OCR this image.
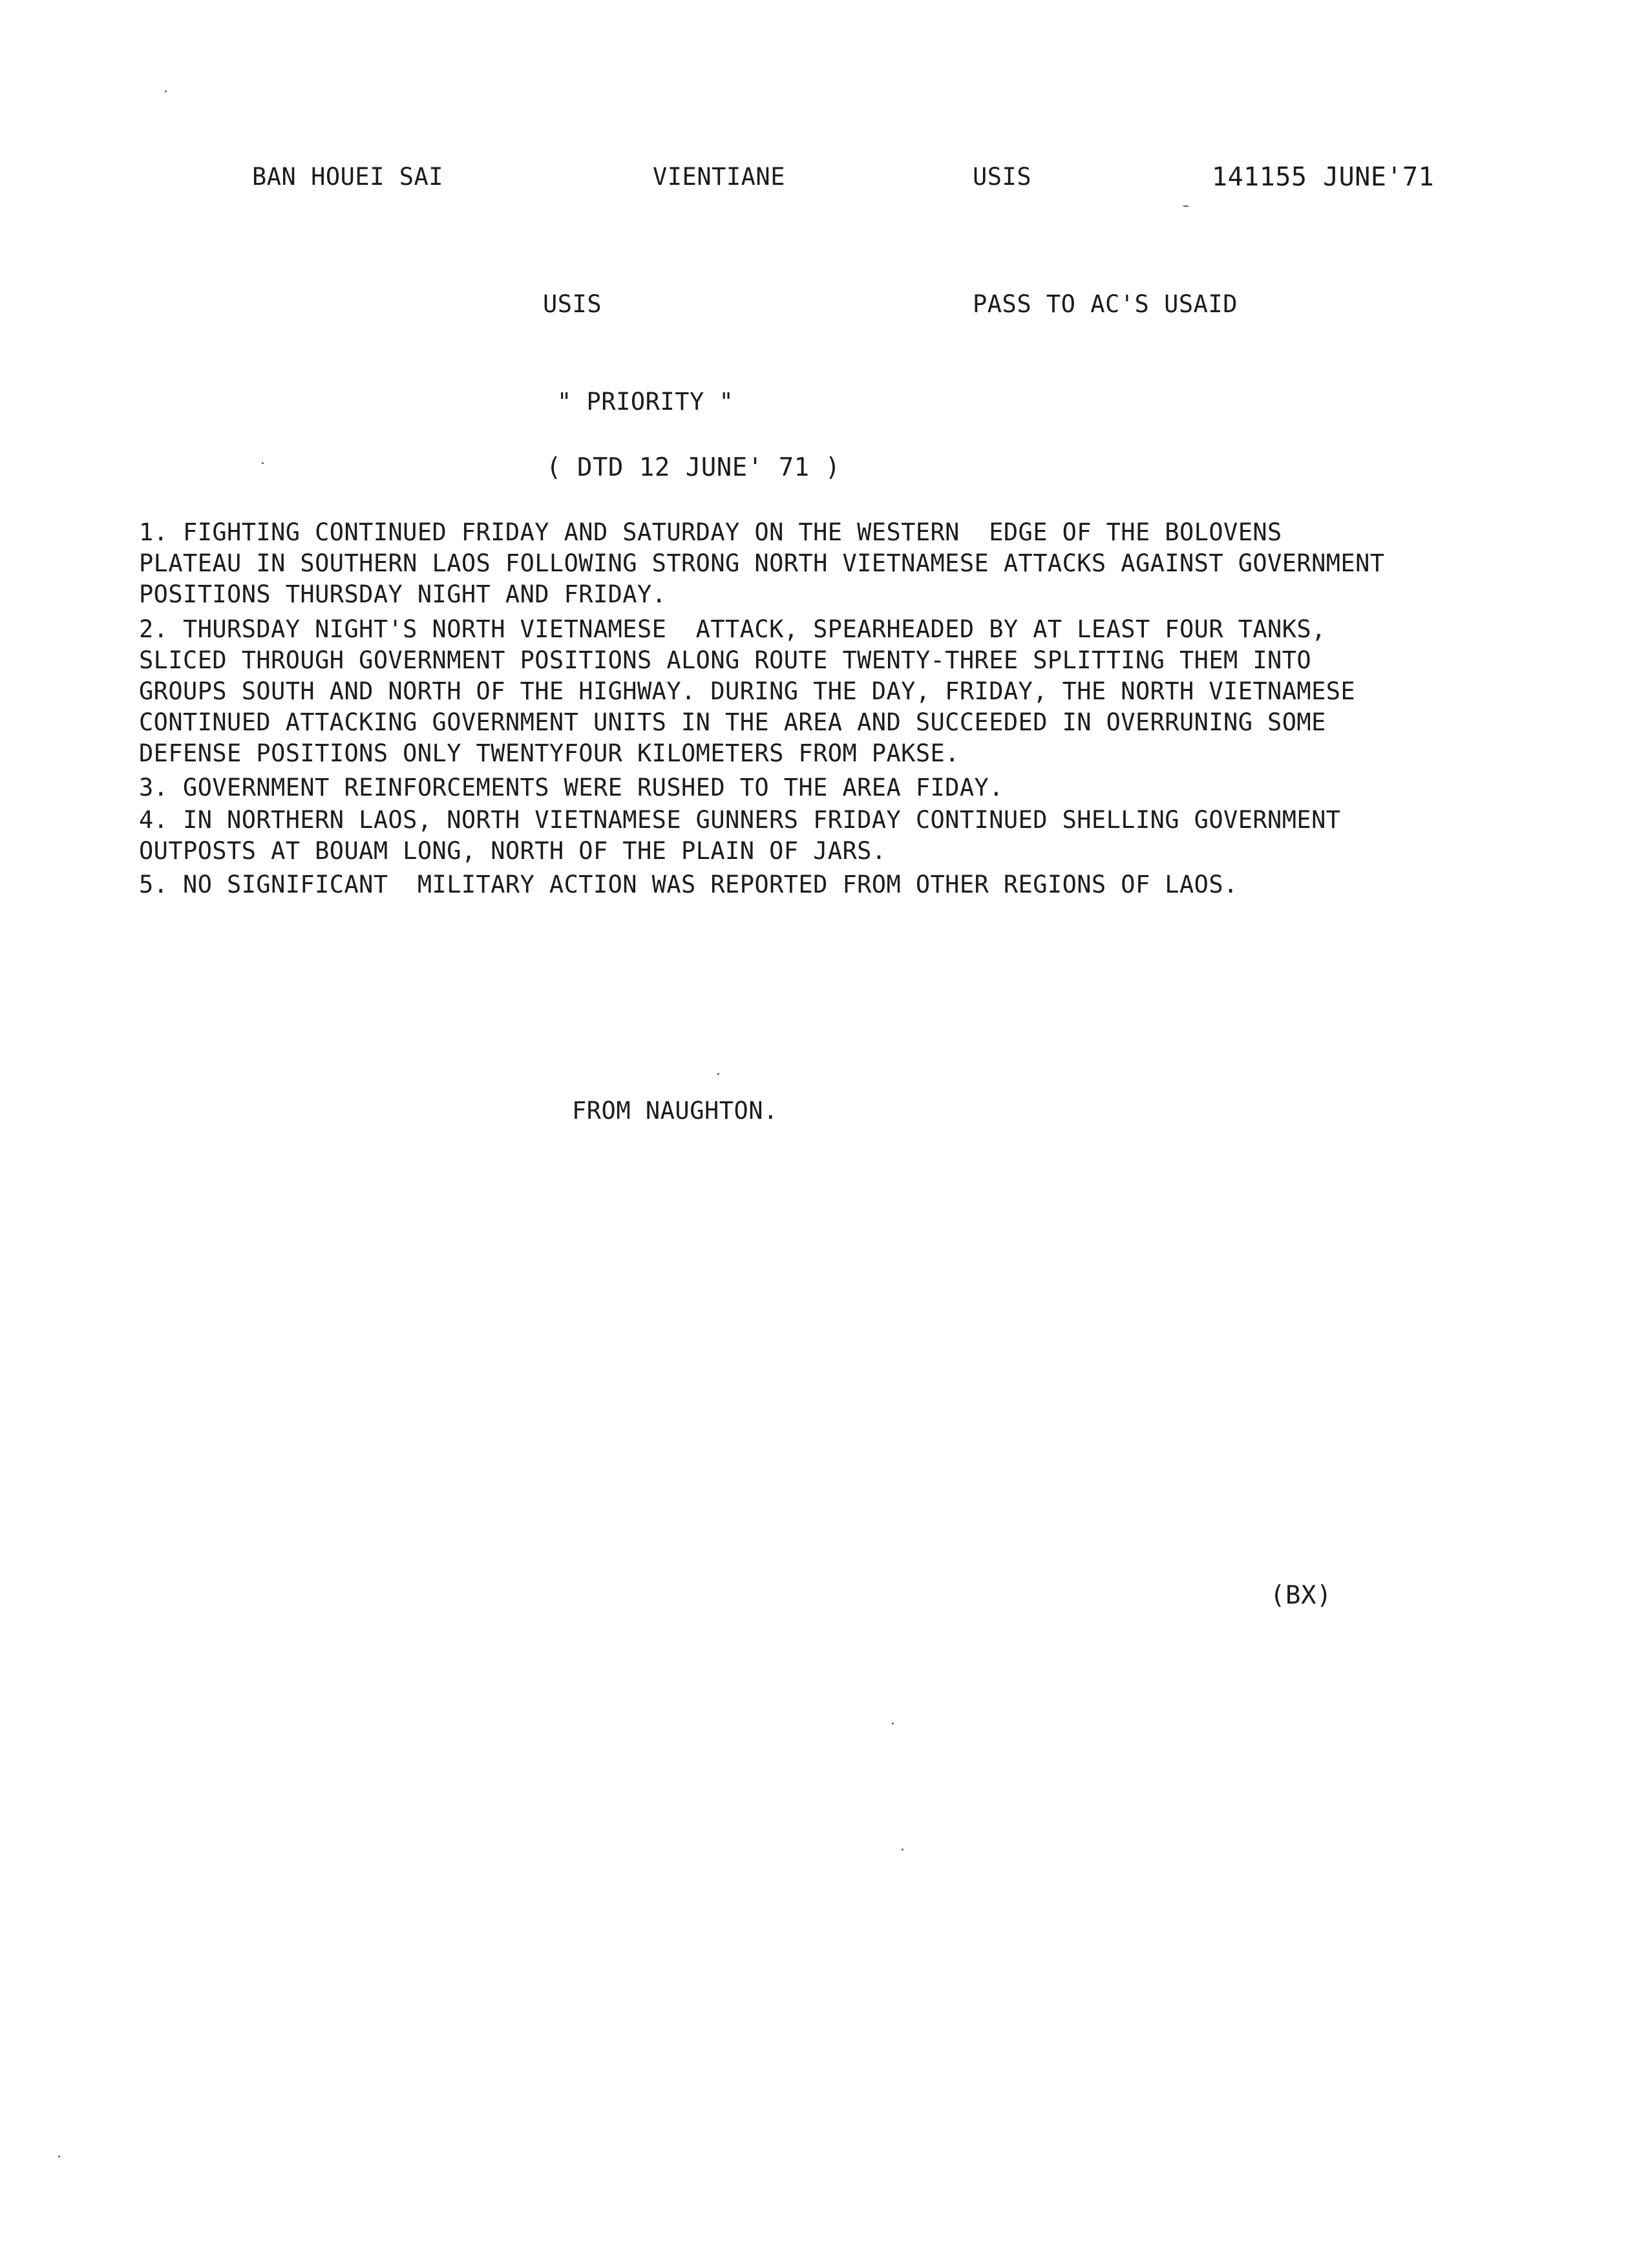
BAN HOUEI SAI	VIENTIANE	USIS	141155 JUNE'71
USIS	PASS TO AC'S USAID
" PRIORITY "
( DTD 12 JUNE' 71 )
1. FIGHTING CONTINUED FRIDAY AND SATURDAY ON THE WESTERN  EDGE OF THE BOLOVENS
PLATEAU IN SOUTHERN LAOS FOLLOWING STRONG NORTH VIETNAMESE ATTACKS AGAINST GOVERNMENT
POSITIONS THURSDAY NIGHT AND FRIDAY.
2. THURSDAY NIGHT'S NORTH VIETNAMESE  ATTACK, SPEARHEADED BY AT LEAST FOUR TANKS,
SLICED THROUGH GOVERNMENT POSITIONS ALONG ROUTE TWENTY-THREE SPLITTING THEM INTO
GROUPS SOUTH AND NORTH OF THE HIGHWAY. DURING THE DAY, FRIDAY, THE NORTH VIETNAMESE
CONTINUED ATTACKING GOVERNMENT UNITS IN THE AREA AND SUCCEEDED IN OVERRUNING SOME
DEFENSE POSITIONS ONLY TWENTYFOUR KILOMETERS FROM PAKSE.
3. GOVERNMENT REINFORCEMENTS WERE RUSHED TO THE AREA FIDAY.
4. IN NORTHERN LAOS, NORTH VIETNAMESE GUNNERS FRIDAY CONTINUED SHELLING GOVERNMENT
OUTPOSTS AT BOUAM LONG, NORTH OF THE PLAIN OF JARS.
5. NO SIGNIFICANT  MILITARY ACTION WAS REPORTED FROM OTHER REGIONS OF LAOS.
FROM NAUGHTON.
(BX)
